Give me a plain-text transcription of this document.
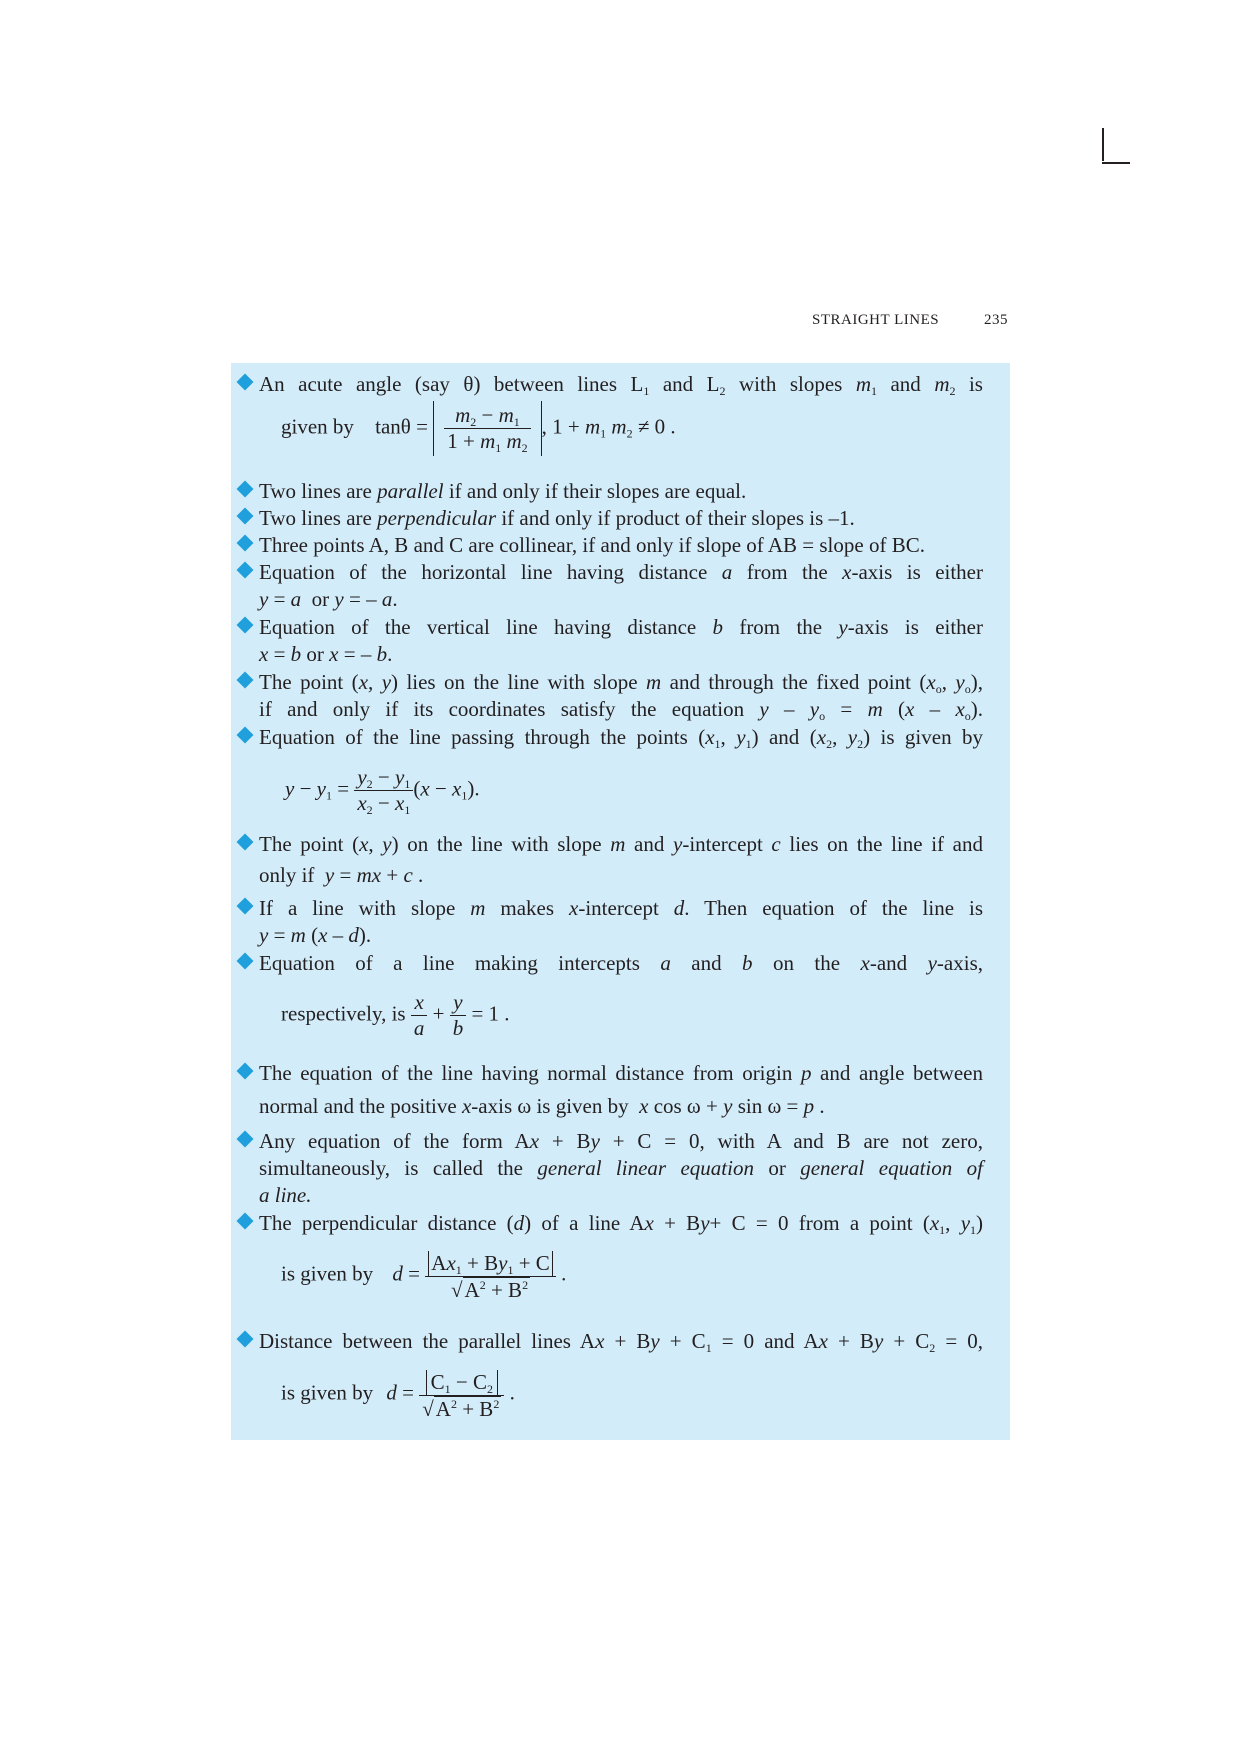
STRAIGHT LINES	235
An acute angle (say θ) between lines $L_1$ and $L_2$ with slopes $m_1$ and $m_2$ is
given by $\tan\theta = \frac{m_2 - m_1}{1 + m_1 m_2}$ , $1 + m_1$ $m_2 \ne 0$ .
Two lines are parallel if and only if their slopes are equal.
Two lines are perpendicular if and only if product of their slopes is –1.
Three points A, B and C are collinear, if and only if slope of AB = slope of BC.
Equation of the horizontal line having distance a from the x-axis is either
y = a  or y = – a.
Equation of the vertical line having distance b from the y-axis is either
x = b or x = – b.
The point (x, y) lies on the line with slope m and through the fixed point ($x_o$, $y_o$),
if and only if its coordinates satisfy the equation $y - y_o = m$ $(x - x_o)$.
Equation of the line passing through the points ($x_1$, $y_1$) and ($x_2$, $y_2$) is given by
$y - y_1 = \frac{y_2 - y_1}{x_2 - x_1} (x - x_1)$.
The point (x, y) on the line with slope m and y-intercept c lies on the line if and
only if  y = mx + c .
If a line with slope m makes x-intercept d. Then equation of the line is
y = m (x – d).
Equation of a line making intercepts a and b on the x-and y-axis,
respectively, is $\frac{x}{a} + \frac{y}{b} = 1$ .
The equation of the line having normal distance from origin p and angle between
normal and the positive x-axis ω is given by  x cos ω + y sin ω = p .
Any equation of the form Ax + By + C = 0, with A and B are not zero,
simultaneously, is called the general linear equation or general equation of
a line.
The perpendicular distance (d) of a line Ax + By+ C = 0 from a point ($x_1$, $y_1$)
is given by $d = \frac{Ax_1 + By_1 + C}{√A^2 + B^2}$ .
Distance between the parallel lines $Ax + By + C_1 = 0$ and $Ax + By + C_2 = 0$,
is given by $d = \frac{C_1 - C_2}{√A^2 + B^2}$ .
